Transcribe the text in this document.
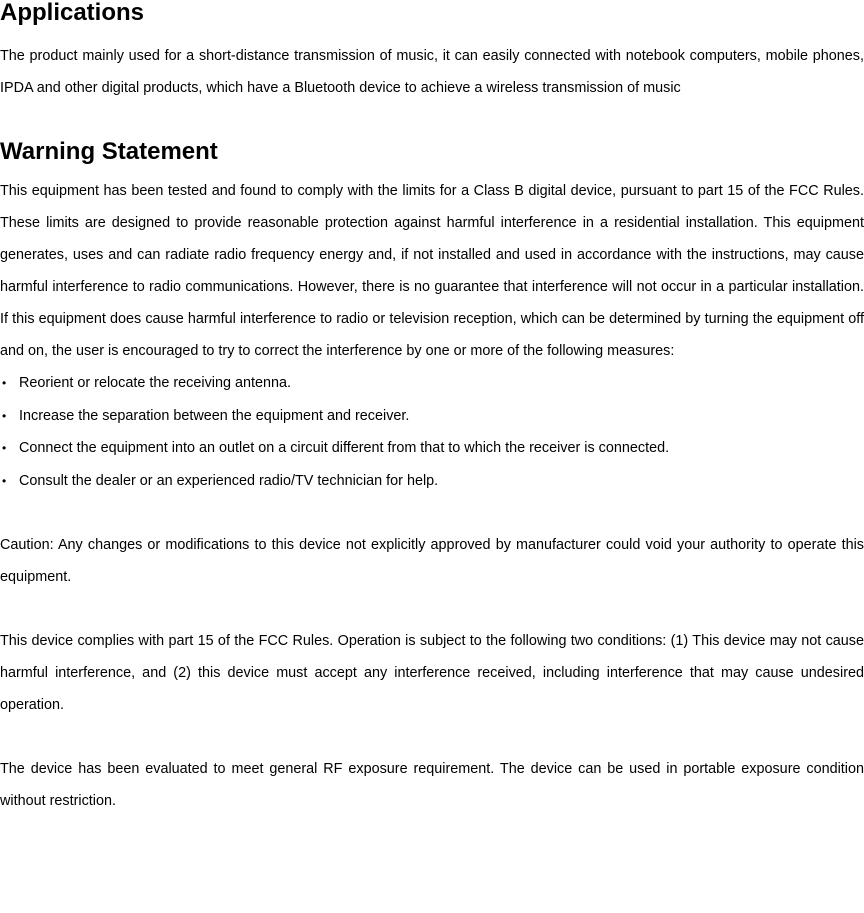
Applications

The product mainly used for a short-distance transmission of music, it can easily connected with notebook computers, mobile phones, IPDA and other digital products, which have a Bluetooth device to achieve a wireless transmission of music

Warning Statement

This equipment has been tested and found to comply with the limits for a Class B digital device, pursuant to part 15 of the FCC Rules. These limits are designed to provide reasonable protection against harmful interference in a residential installation. This equipment generates, uses and can radiate radio frequency energy and, if not installed and used in accordance with the instructions, may cause harmful interference to radio communications. However, there is no guarantee that interference will not occur in a particular installation. If this equipment does cause harmful interference to radio or television reception, which can be determined by turning the equipment off and on, the user is encouraged to try to correct the interference by one or more of the following measures:

• Reorient or relocate the receiving antenna.
• Increase the separation between the equipment and receiver.
• Connect the equipment into an outlet on a circuit different from that to which the receiver is connected.
• Consult the dealer or an experienced radio/TV technician for help.

Caution: Any changes or modifications to this device not explicitly approved by manufacturer could void your authority to operate this equipment.

This device complies with part 15 of the FCC Rules. Operation is subject to the following two conditions: (1) This device may not cause harmful interference, and (2) this device must accept any interference received, including interference that may cause undesired operation.

The device has been evaluated to meet general RF exposure requirement. The device can be used in portable exposure condition without restriction.
